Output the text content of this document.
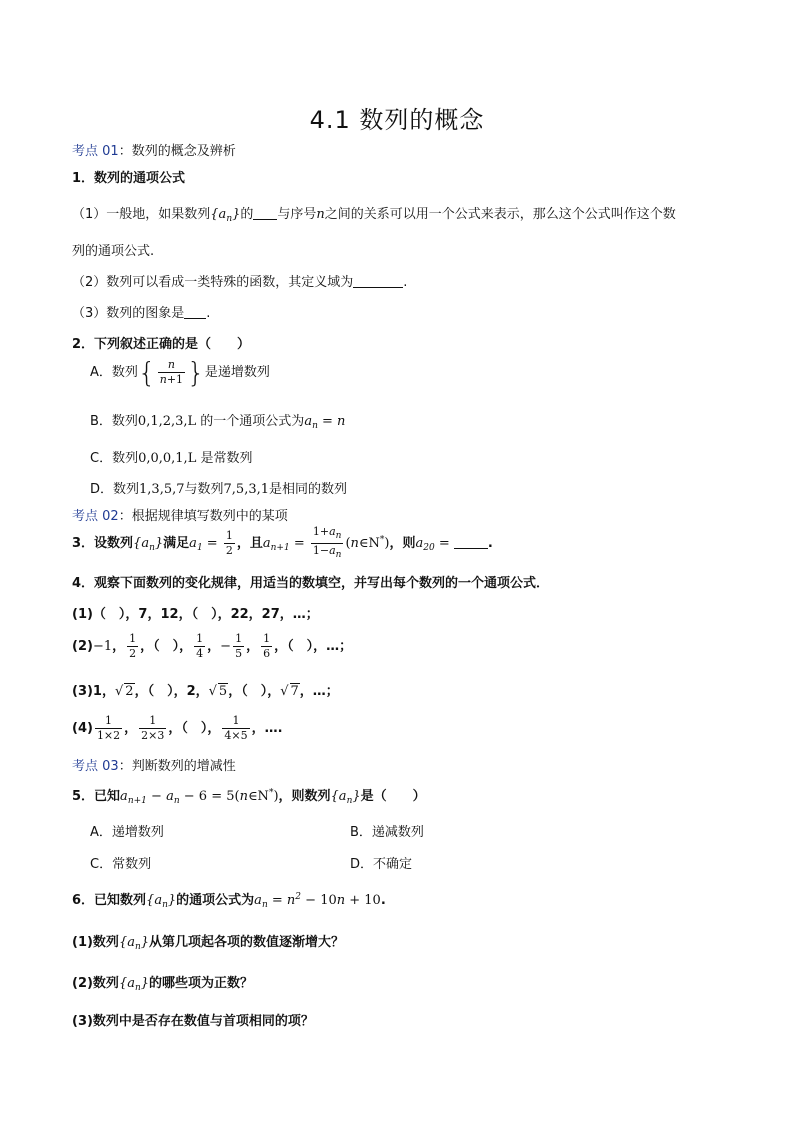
4.1 数列的概念
考点 01：数列的概念及辨析
1．数列的通项公式
（1）一般地，如果数列$\{a_n\}$的 与序号n之间的关系可以用一个公式来表示，那么这个公式叫作这个数
列的通项公式.
（2）数列可以看成一类特殊的函数，其定义域为	.
（3）数列的图象是 .
2．下列叙述正确的是（　　）
A．数列{ $\frac{n}{n+1}$ }是递增数列
B．数列0,1,2,3,L 的一个通项公式为$a_n = n$
C．数列0,0,0,1,L 是常数列
D．数列1,3,5,7与数列7,5,3,1是相同的数列
考点 02：根据规律填写数列中的某项
3．设数列$\{a_n\}$满足$a_1 = \frac{1}{2}$ ，且$a_{n+1} = \frac{1+a_n}{1-a_n}$ (n∈N*)，则$a_{20}$ =	.
4．观察下面数列的变化规律，用适当的数填空，并写出每个数列的一个通项公式．
(1)（　），7，12，（　），22，27，…；
(2)−1， $\frac{1}{2}$ ，（　）， $\frac{1}{4}$ ，− $\frac{1}{5}$ ， $\frac{1}{6}$ ，（　），…；
(3)1，√ 2，（　），2，√ 5，（　），√ 7，…；
$(4) \frac{1}{1\times 2}$ ， $\frac{1}{2\times 3}$ ，（　）， $\frac{1}{4\times 5}$ ，….
考点 03：判断数列的增减性
5．已知$a_{n+1} - a_n - 6$ = 5(n∈N*)，则数列$\{a_n\}$是（　　）
A．递增数列	B．递减数列
C．常数列	D．不确定
6．已知数列$\{a_n\}$的通项公式为$a_n = n^2 - 10n + 10$.
(1)数列$\{a_n\}$从第几项起各项的数值逐渐增大？
(2)数列$\{a_n\}$的哪些项为正数？
(3)数列中是否存在数值与首项相同的项？
